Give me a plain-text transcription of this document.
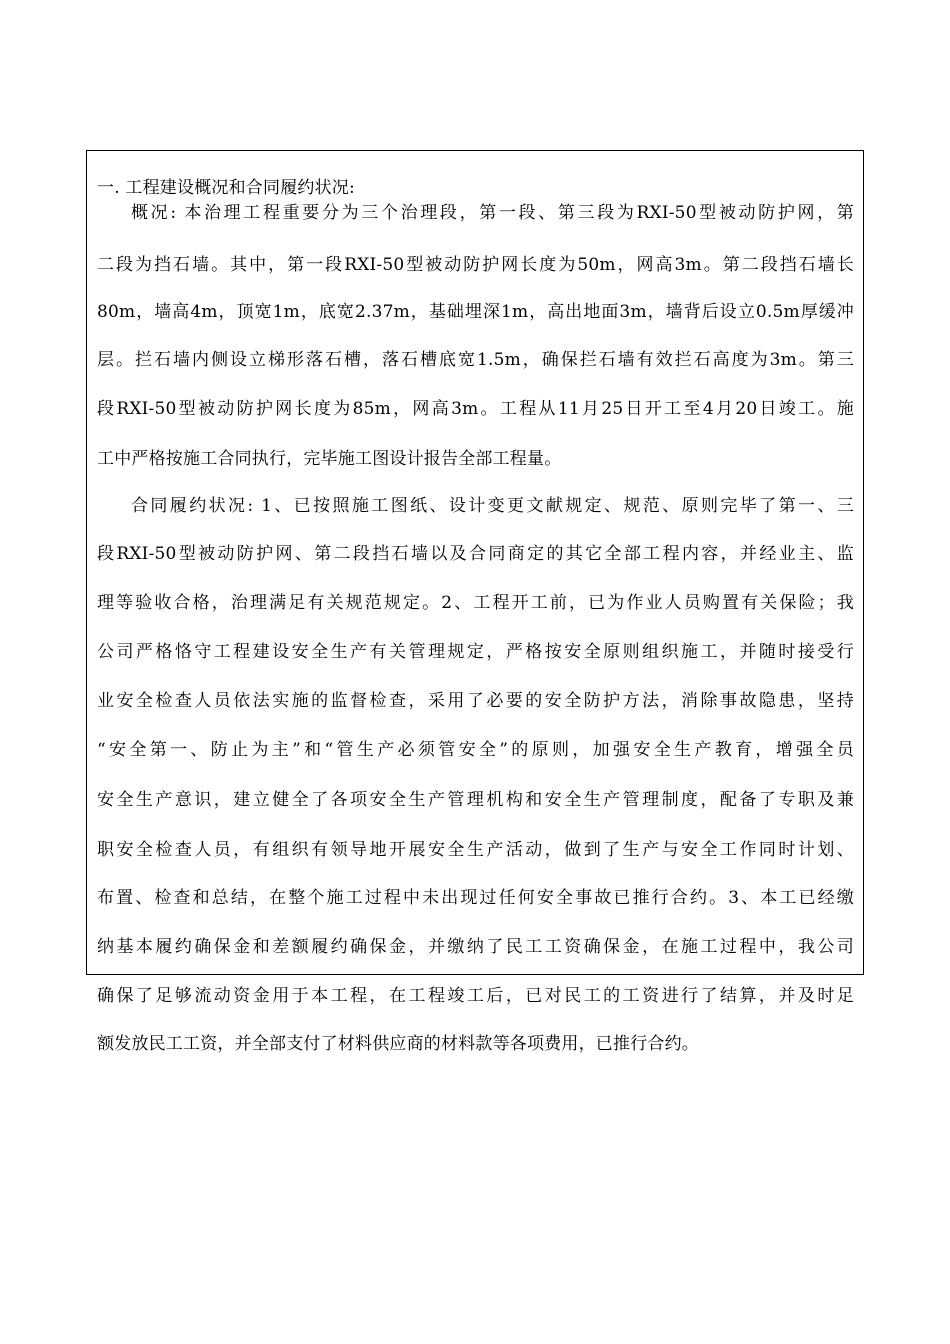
一. 工程建设概况和合同履约状况:
概况: 本治理工程重要分为三个治理段，第一段、第三段为RXI-50型被动防护网，第
二段为挡石墙。其中，第一段RXI-50型被动防护网长度为50m，网高3m。第二段挡石墙长
80m，墙高4m，顶宽1m，底宽2.37m，基础埋深1m，高出地面3m，墙背后设立0.5m厚缓冲
层。拦石墙内侧设立梯形落石槽，落石槽底宽1.5m，确保拦石墙有效拦石高度为3m。第三
段RXI-50型被动防护网长度为85m，网高3m。工程从11月25日开工至4月20日竣工。施
工中严格按施工合同执行，完毕施工图设计报告全部工程量。
合同履约状况: 1、已按照施工图纸、设计变更文献规定、规范、原则完毕了第一、三
段RXI-50型被动防护网、第二段挡石墙以及合同商定的其它全部工程内容，并经业主、监
理等验收合格，治理满足有关规范规定。2、工程开工前，已为作业人员购置有关保险；我
公司严格恪守工程建设安全生产有关管理规定，严格按安全原则组织施工，并随时接受行
业安全检查人员依法实施的监督检查，采用了必要的安全防护方法，消除事故隐患，坚持
“安全第一、防止为主”和“管生产必须管安全”的原则，加强安全生产教育，增强全员
安全生产意识，建立健全了各项安全生产管理机构和安全生产管理制度，配备了专职及兼
职安全检查人员，有组织有领导地开展安全生产活动，做到了生产与安全工作同时计划、
布置、检查和总结，在整个施工过程中未出现过任何安全事故已推行合约。3、本工已经缴
纳基本履约确保金和差额履约确保金，并缴纳了民工工资确保金，在施工过程中，我公司
确保了足够流动资金用于本工程，在工程竣工后，已对民工的工资进行了结算，并及时足
额发放民工工资，并全部支付了材料供应商的材料款等各项费用，已推行合约。
